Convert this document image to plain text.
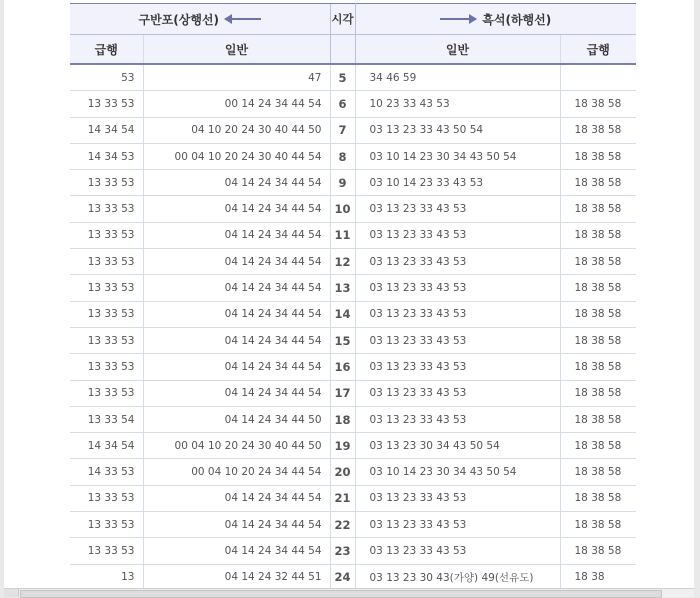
구반포(상행선)		시각	흑석(하행선)	

급행	일반		일반	급행
53	47	5	34 46 59	
13 33 53	00 14 24 34 44 54	6	10 23 33 43 53	18 38 58
14 34 54	04 10 20 24 30 40 44 50	7	03 13 23 33 43 50 54	18 38 58
14 34 53	00 04 10 20 24 30 40 44 54	8	03 10 14 23 30 34 43 50 54	18 38 58
13 33 53	04 14 24 34 44 54	9	03 10 14 23 33 43 53	18 38 58
13 33 53	04 14 24 34 44 54	10	03 13 23 33 43 53	18 38 58
13 33 53	04 14 24 34 44 54	11	03 13 23 33 43 53	18 38 58
13 33 53	04 14 24 34 44 54	12	03 13 23 33 43 53	18 38 58
13 33 53	04 14 24 34 44 54	13	03 13 23 33 43 53	18 38 58
13 33 53	04 14 24 34 44 54	14	03 13 23 33 43 53	18 38 58
13 33 53	04 14 24 34 44 54	15	03 13 23 33 43 53	18 38 58
13 33 53	04 14 24 34 44 54	16	03 13 23 33 43 53	18 38 58
13 33 53	04 14 24 34 44 54	17	03 13 23 33 43 53	18 38 58
13 33 54	04 14 24 34 44 50	18	03 13 23 33 43 53	18 38 58
14 34 54	00 04 10 20 24 30 40 44 50	19	03 13 23 30 34 43 50 54	18 38 58
14 33 53	00 04 10 20 24 34 44 54	20	03 10 14 23 30 34 43 50 54	18 38 58
13 33 53	04 14 24 34 44 54	21	03 13 23 33 43 53	18 38 58
13 33 53	04 14 24 34 44 54	22	03 13 23 33 43 53	18 38 58
13 33 53	04 14 24 34 44 54	23	03 13 23 33 43 53	18 38 58
13	04 14 24 32 44 51	24	03 13 23 30 43(가양) 49(선유도)	18 38
